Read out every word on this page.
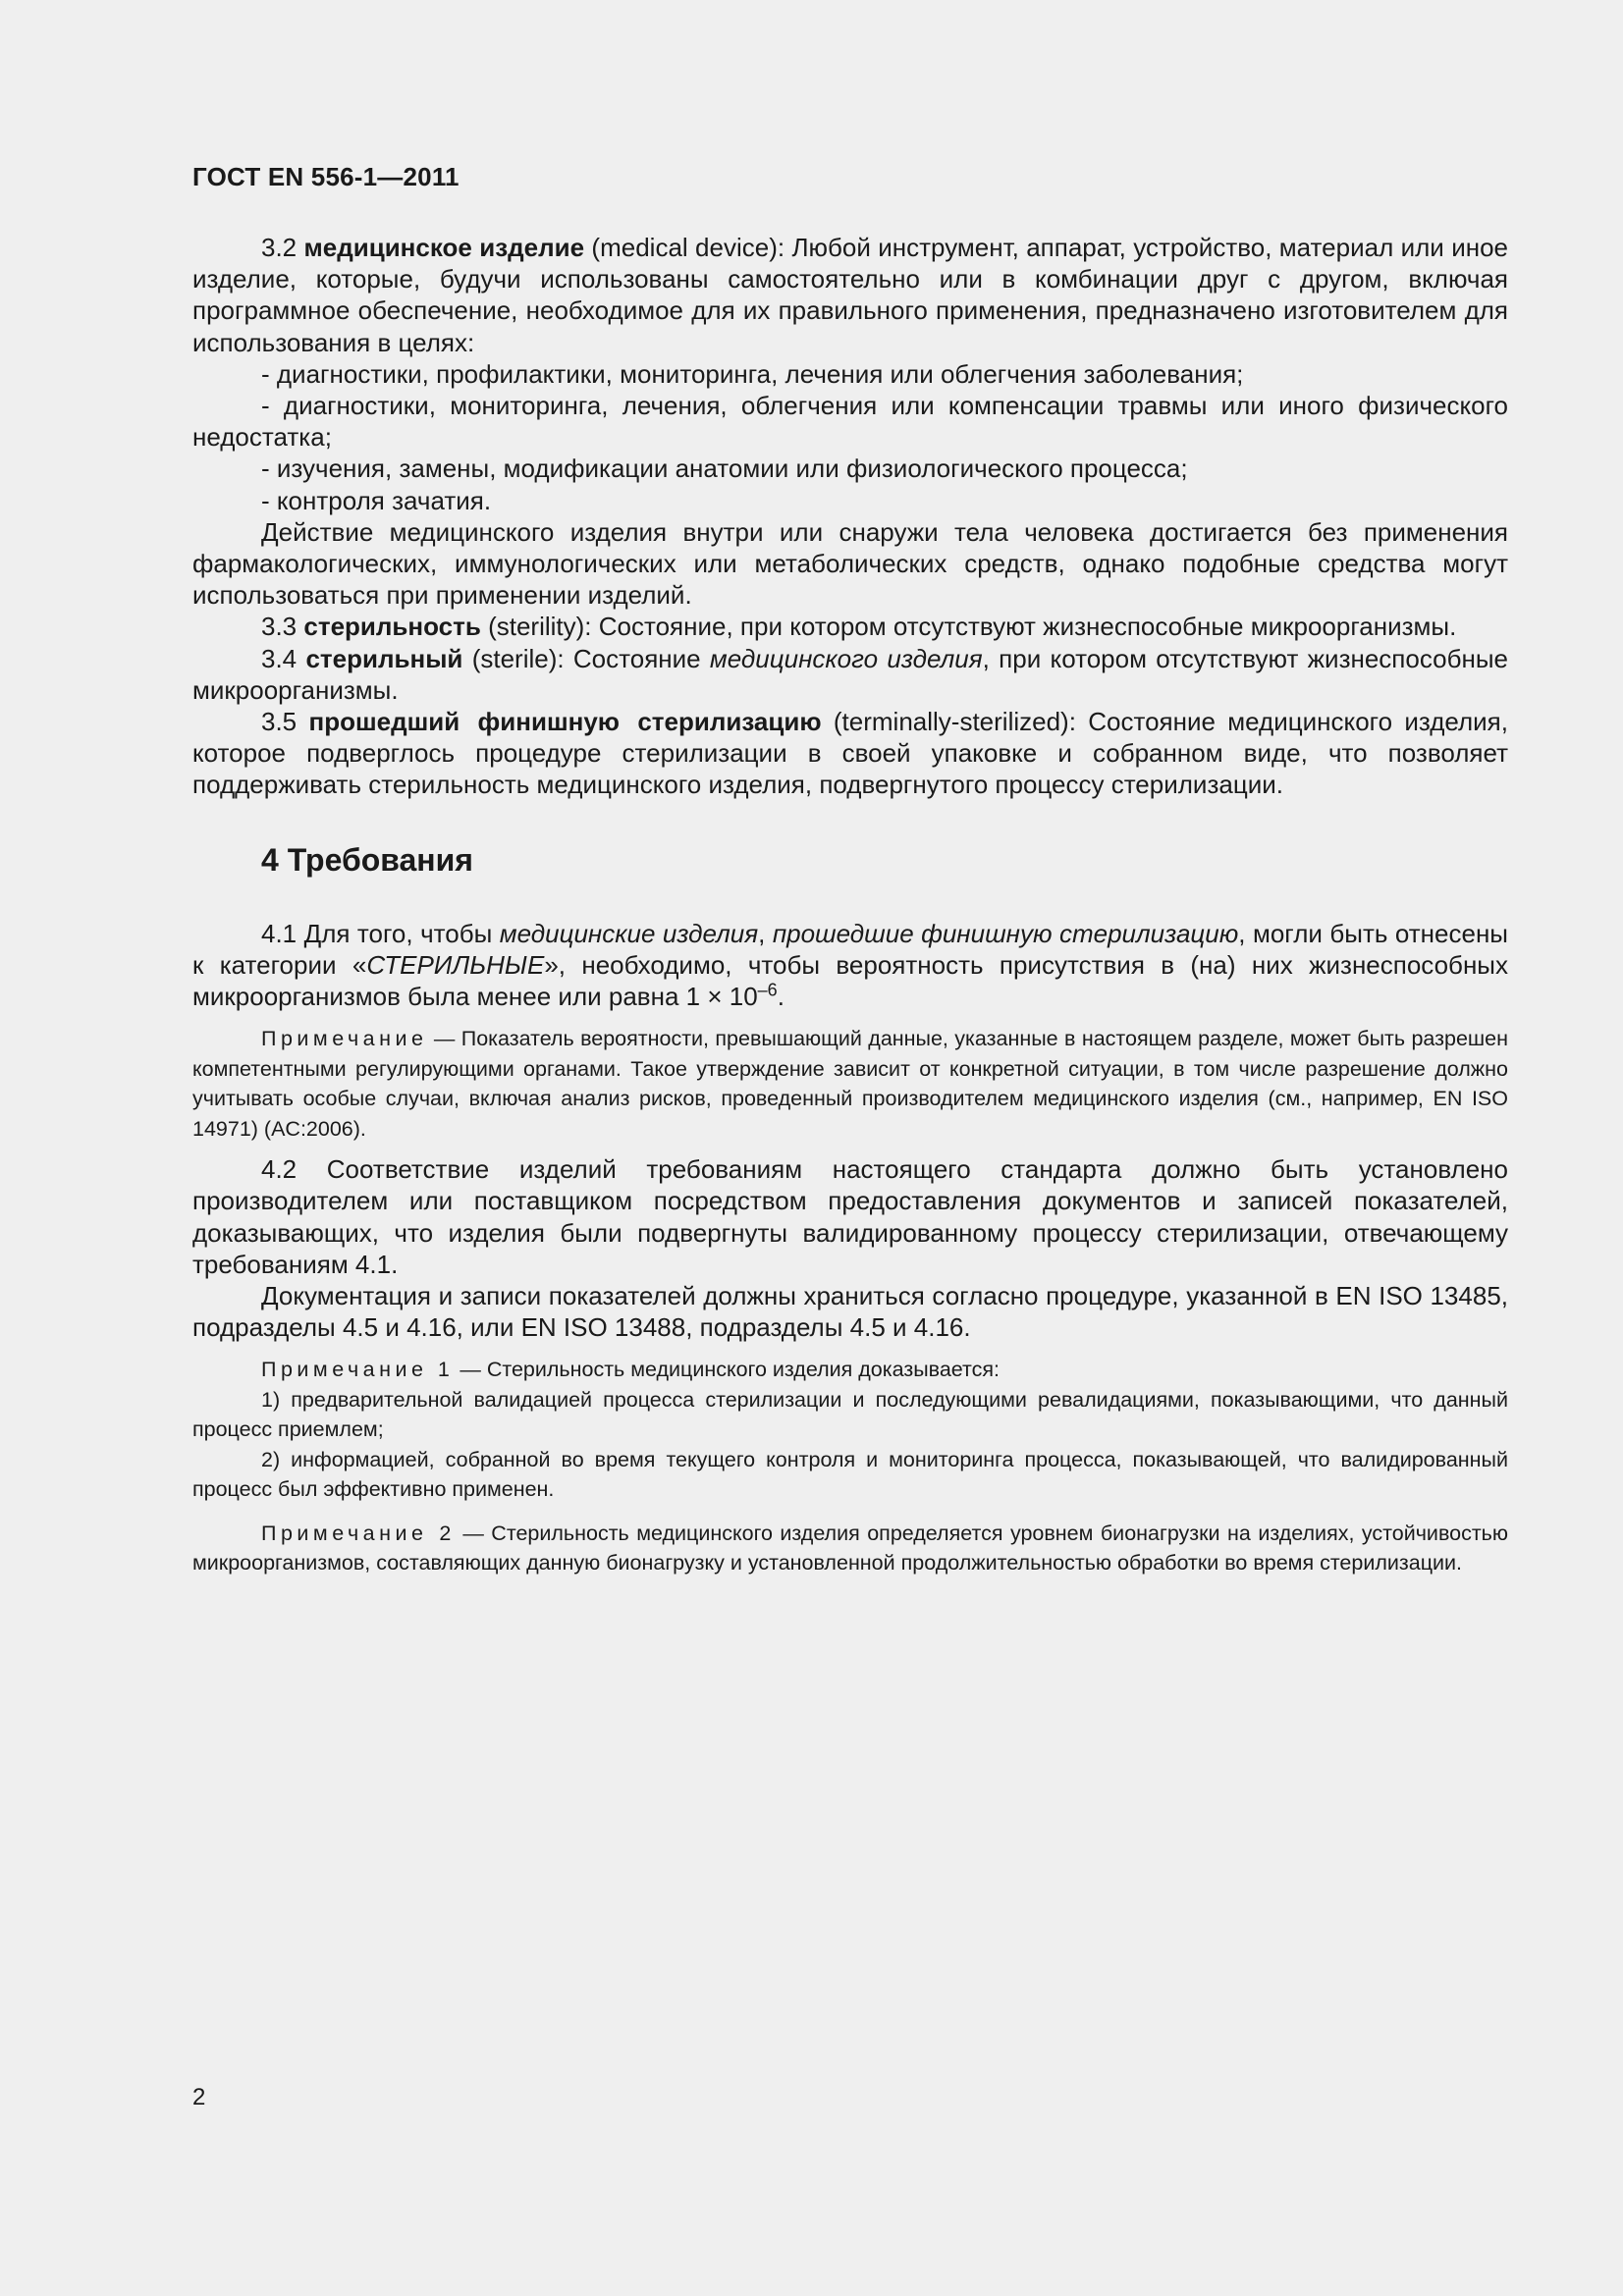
ГОСТ EN 556-1—2011

3.2 медицинское изделие (medical device): Любой инструмент, аппарат, устройство, материал или иное изделие, которые, будучи использованы самостоятельно или в комбинации друг с другом, включая программное обеспечение, необходимое для их правильного применения, предназначено изготовителем для использования в целях:

- диагностики, профилактики, мониторинга, лечения или облегчения заболевания;

- диагностики, мониторинга, лечения, облегчения или компенсации травмы или иного физического недостатка;

- изучения, замены, модификации анатомии или физиологического процесса;

- контроля зачатия.

Действие медицинского изделия внутри или снаружи тела человека достигается без применения фармакологических, иммунологических или метаболических средств, однако подобные средства могут использоваться при применении изделий.

3.3 стерильность (sterility): Состояние, при котором отсутствуют жизнеспособные микроорганизмы.

3.4 стерильный (sterile): Состояние медицинского изделия, при котором отсутствуют жизнеспособные микроорганизмы.

3.5 прошедший финишную стерилизацию (terminally-sterilized): Состояние медицинского изделия, которое подверглось процедуре стерилизации в своей упаковке и собранном виде, что позволяет поддерживать стерильность медицинского изделия, подвергнутого процессу стерилизации.

4 Требования

4.1 Для того, чтобы медицинские изделия, прошедшие финишную стерилизацию, могли быть отнесены к категории «СТЕРИЛЬНЫЕ», необходимо, чтобы вероятность присутствия в (на) них жизнеспособных микроорганизмов была менее или равна $1 \times 10^{-6}$.

Примечание — Показатель вероятности, превышающий данные, указанные в настоящем разделе, может быть разрешен компетентными регулирующими органами. Такое утверждение зависит от конкретной ситуации, в том числе разрешение должно учитывать особые случаи, включая анализ рисков, проведенный производителем медицинского изделия (см., например, EN ISO 14971) (AC:2006).

4.2 Соответствие изделий требованиям настоящего стандарта должно быть установлено производителем или поставщиком посредством предоставления документов и записей показателей, доказывающих, что изделия были подвергнуты валидированному процессу стерилизации, отвечающему требованиям 4.1.

Документация и записи показателей должны храниться согласно процедуре, указанной в EN ISO 13485, подразделы 4.5 и 4.16, или EN ISO 13488, подразделы 4.5 и 4.16.

Примечание 1 — Стерильность медицинского изделия доказывается:

1) предварительной валидацией процесса стерилизации и последующими ревалидациями, показывающими, что данный процесс приемлем;

2) информацией, собранной во время текущего контроля и мониторинга процесса, показывающей, что валидированный процесс был эффективно применен.

Примечание 2 — Стерильность медицинского изделия определяется уровнем бионагрузки на изделиях, устойчивостью микроорганизмов, составляющих данную бионагрузку и установленной продолжительностью обработки во время стерилизации.

2
